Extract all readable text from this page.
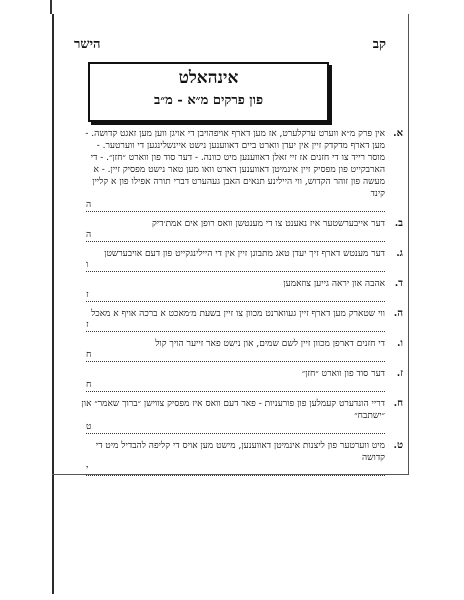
קב
הישר
אינהאלט
פון פרקים מ״א - מ״ב
א.
אין פרק מ״א ווערט ערקלערט, אז מען דארף אויפהויבן די אויגן ווען מען זאגט קדושה. - מען דארף מדקדק זיין אין יעדן ווארט ביים דאווענען נישט איינשלינגען די ווערטער. - מוסר רייד צו די חזנים אז זיי זאלן דאווענען מיט כוונה. - דער סוד פון ווארט ״חזן״. - די הארבקייט פון מפסיק זיין אינמיטן דאווענען דארט וואו מען טאר נישט מפסיק זיין. - א מעשה פון זוהר הקדוש, ווי היילינע תנאים האבן געהערט דברי תורה אפילו פון א קליין קינד
ה
ב.
דער אייבערשטער איז נאענט צו די מענטשן וואס רופן אים אמת׳דיק
ה
ג.
דער מענטש דארף זיך יעדן טאג מתבונן זיין אין די היילינגקייט פון דעם אויבערשטן
ו
ד.
אהבה און יראה גייען צוזאמען
ז
ה.
ווי שטארק מען דארף זיין געווארנט מכוון צו זיין בשעת מ׳מאכט א ברכה אויף א מאכל
ז
ו.
די חזנים דארפן מכוון זיין לשם שמים, און נישט פאר זייער הויך קול
ח
ז.
דער סוד פון ווארט ״חזן״
ח
ח.
דריי הונדערט קעמלען פון פורעניות - פאר דעם וואס איז מפסיק צווישן ״ברוך שאמר״ און ״ישתבח״
ט
ט.
מיט ווערטער פון ליצנות אינמיטן דאווענען, מישט מען אויס די קליפה להבדיל מיט די קדושה
י
